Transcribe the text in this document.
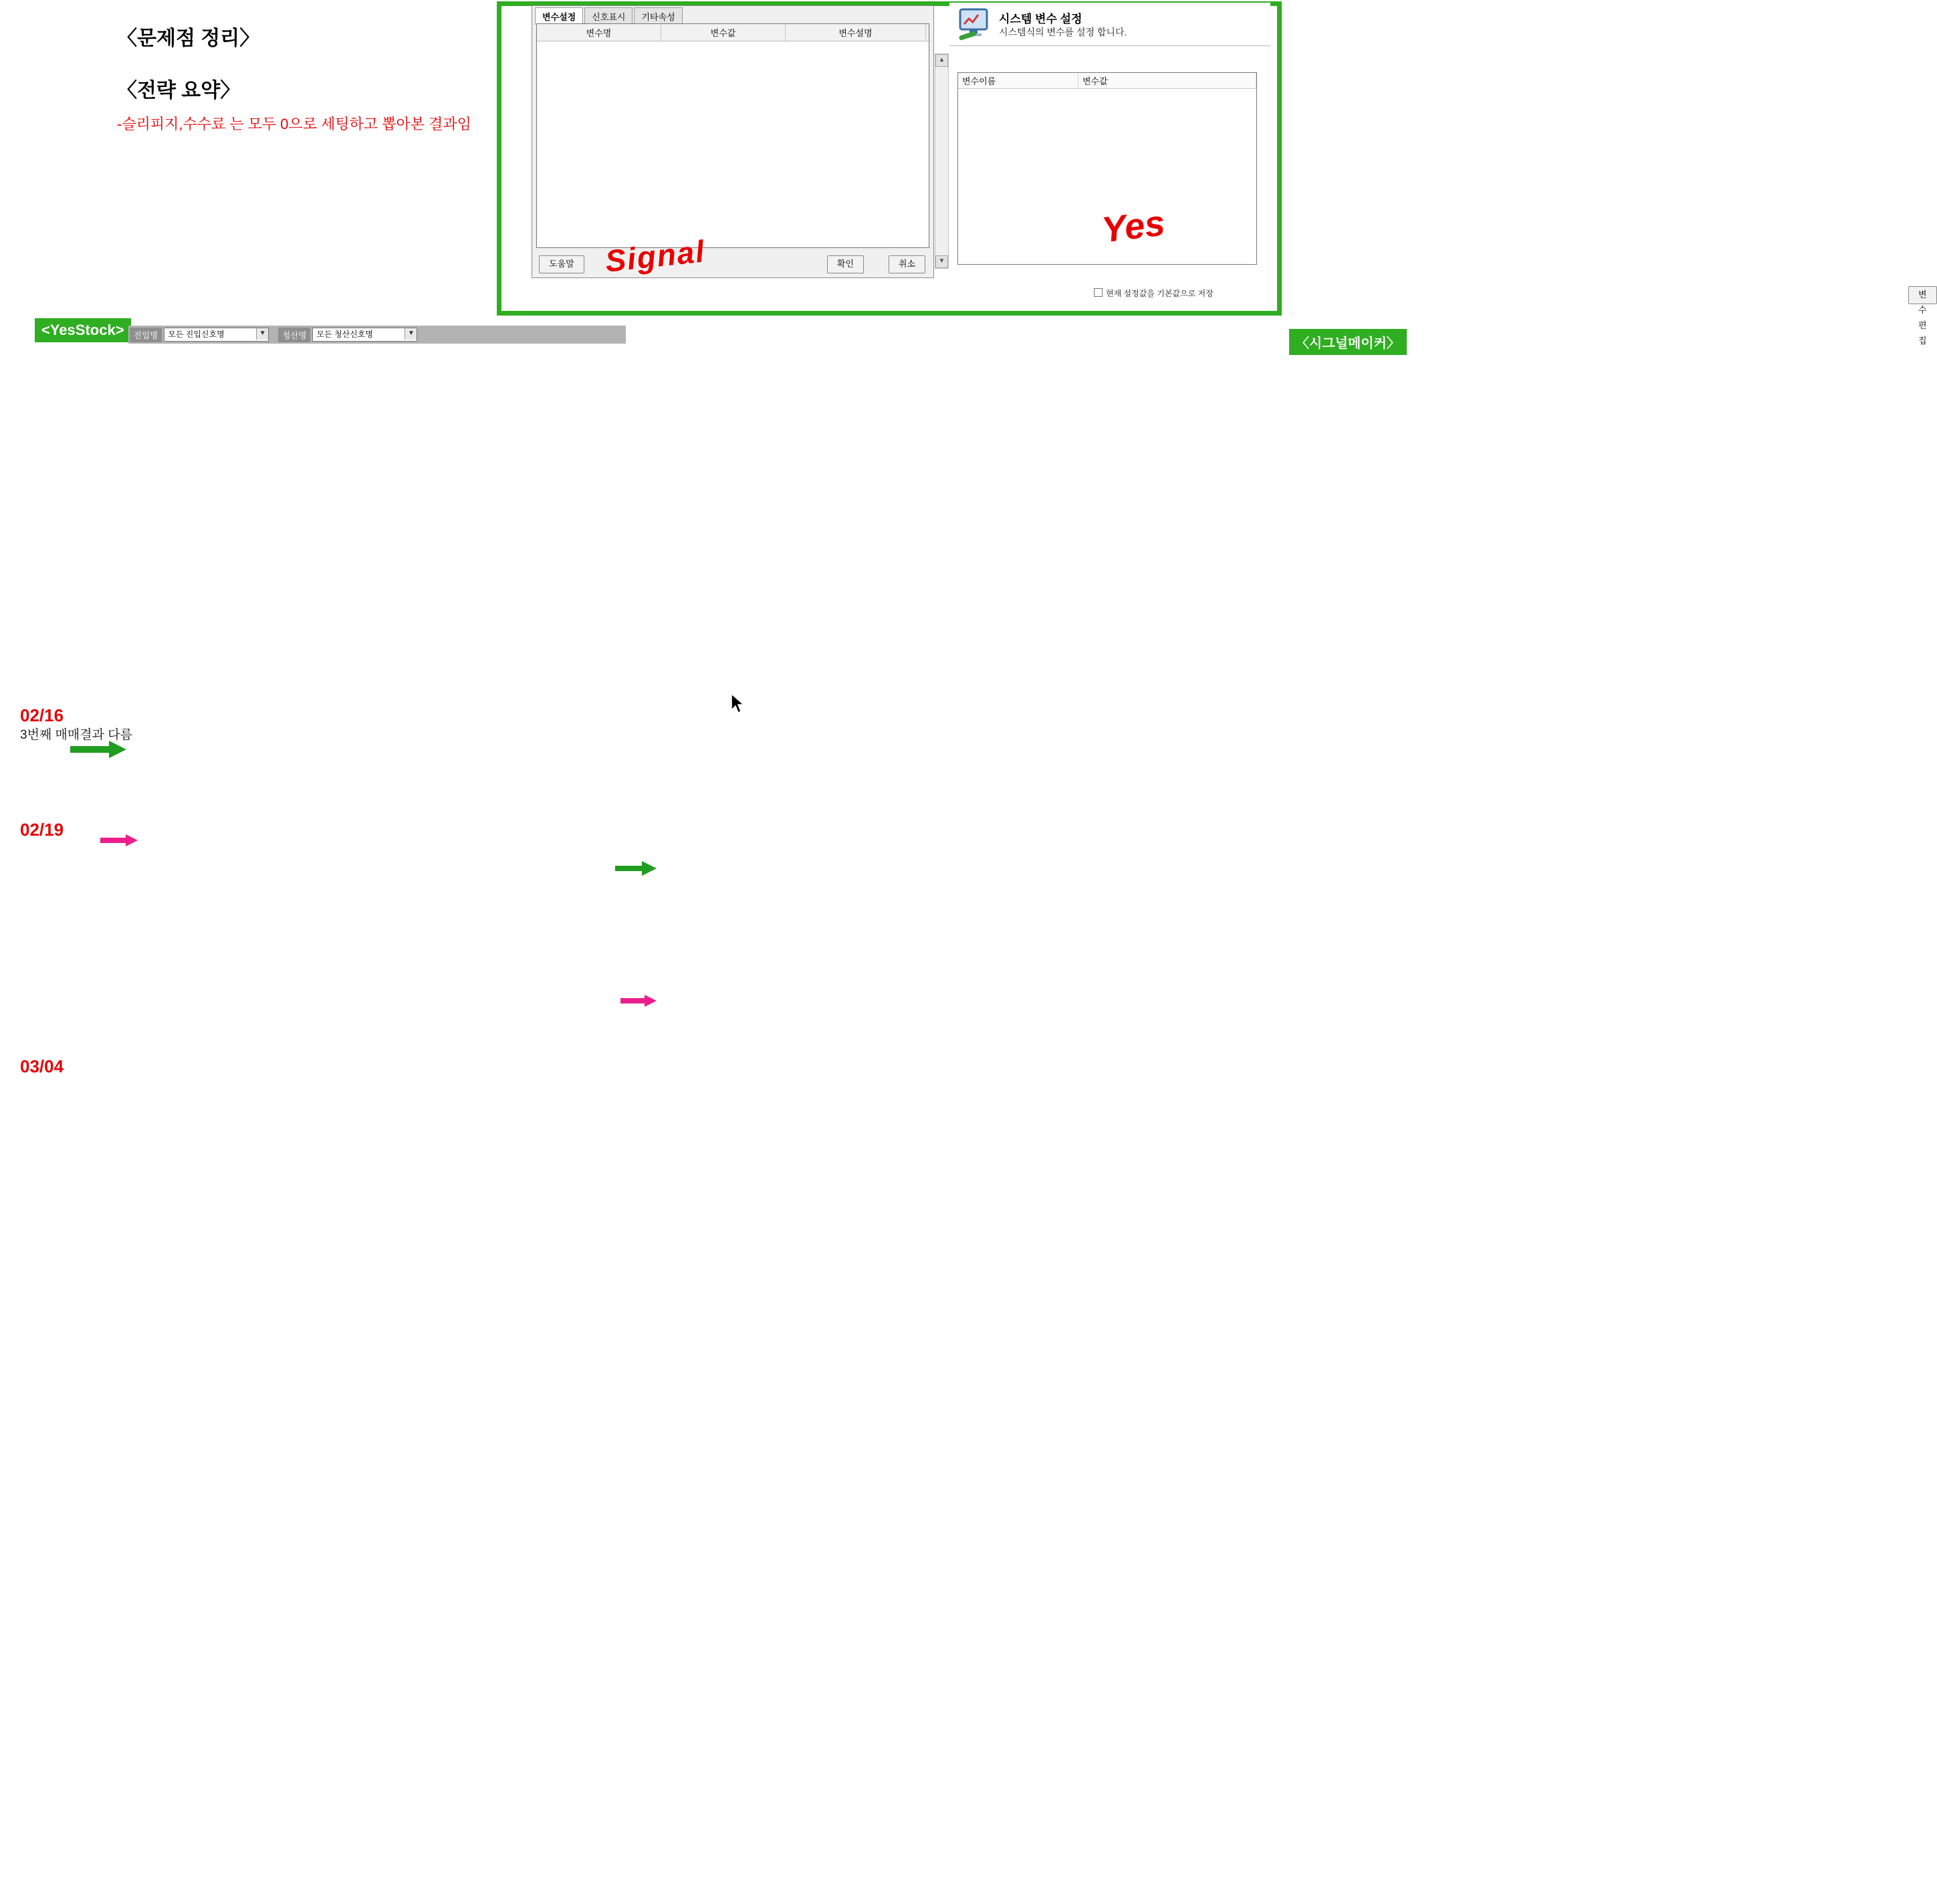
〈문제점 정리〉
〈전략 요약〉
-슬리피지,수수료 는 모두 0으로 세팅하고 뽑아본 결과임
변수설정	신호표시	기타속성
변수명	변수값	변수설명
도움말	확인	취소
Signal
▲
▼
시스템 변수 설정
시스템식의 변수를 설정 합니다.
변수이름	변수값
변수 편집
현재 설정값을 기본값으로 저장
Yes
<YesStock>
〈시그널메이커〉
진입명	모든 진입신호명	▼	청산명	모든 청산신호명	▼
02/16
3번째 매매결과 다름
02/19
03/04
